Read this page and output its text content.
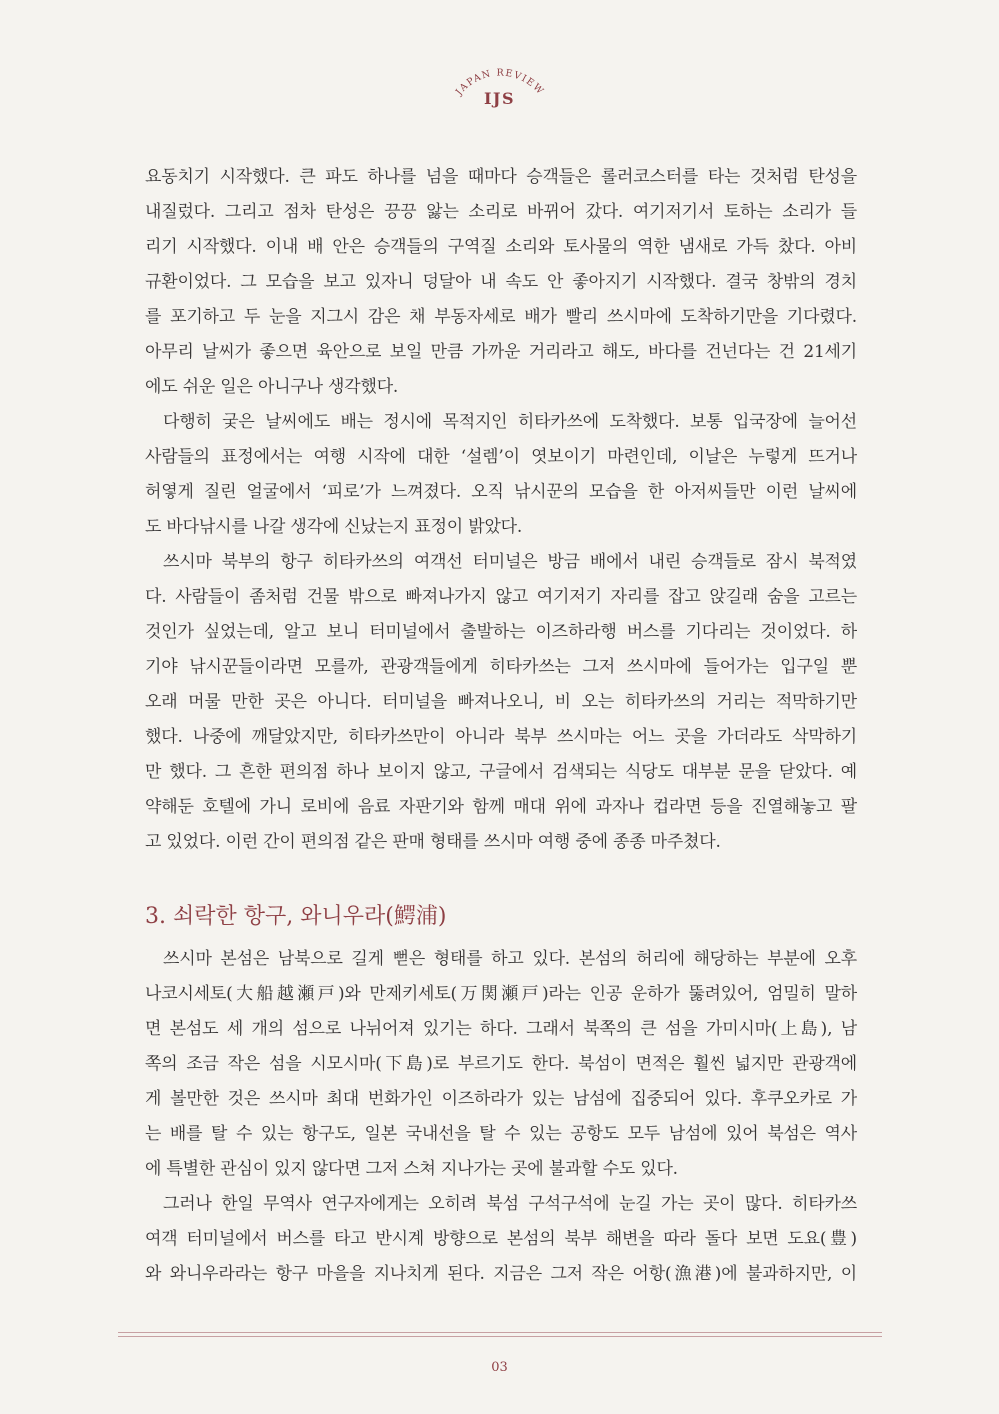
JAPAN REVIEW
IJS
요동치기 시작했다. 큰 파도 하나를 넘을 때마다 승객들은 롤러코스터를 타는 것처럼 탄성을
내질렀다. 그리고 점차 탄성은 끙끙 앓는 소리로 바뀌어 갔다. 여기저기서 토하는 소리가 들
리기 시작했다. 이내 배 안은 승객들의 구역질 소리와 토사물의 역한 냄새로 가득 찼다. 아비
규환이었다. 그 모습을 보고 있자니 덩달아 내 속도 안 좋아지기 시작했다. 결국 창밖의 경치
를 포기하고 두 눈을 지그시 감은 채 부동자세로 배가 빨리 쓰시마에 도착하기만을 기다렸다.
아무리 날씨가 좋으면 육안으로 보일 만큼 가까운 거리라고 해도, 바다를 건넌다는 건 21세기
에도 쉬운 일은 아니구나 생각했다.
다행히 궂은 날씨에도 배는 정시에 목적지인 히타카쓰에 도착했다. 보통 입국장에 늘어선
사람들의 표정에서는 여행 시작에 대한 ‘설렘’이 엿보이기 마련인데, 이날은 누렇게 뜨거나
허옇게 질린 얼굴에서 ‘피로’가 느껴졌다. 오직 낚시꾼의 모습을 한 아저씨들만 이런 날씨에
도 바다낚시를 나갈 생각에 신났는지 표정이 밝았다.
쓰시마 북부의 항구 히타카쓰의 여객선 터미널은 방금 배에서 내린 승객들로 잠시 북적였
다. 사람들이 좀처럼 건물 밖으로 빠져나가지 않고 여기저기 자리를 잡고 앉길래 숨을 고르는
것인가 싶었는데, 알고 보니 터미널에서 출발하는 이즈하라행 버스를 기다리는 것이었다. 하
기야 낚시꾼들이라면 모를까, 관광객들에게 히타카쓰는 그저 쓰시마에 들어가는 입구일 뿐
오래 머물 만한 곳은 아니다. 터미널을 빠져나오니, 비 오는 히타카쓰의 거리는 적막하기만
했다. 나중에 깨달았지만, 히타카쓰만이 아니라 북부 쓰시마는 어느 곳을 가더라도 삭막하기
만 했다. 그 흔한 편의점 하나 보이지 않고, 구글에서 검색되는 식당도 대부분 문을 닫았다. 예
약해둔 호텔에 가니 로비에 음료 자판기와 함께 매대 위에 과자나 컵라면 등을 진열해놓고 팔
고 있었다. 이런 간이 편의점 같은 판매 형태를 쓰시마 여행 중에 종종 마주쳤다.
3. 쇠락한 항구, 와니우라(鰐浦)
쓰시마 본섬은 남북으로 길게 뻗은 형태를 하고 있다. 본섬의 허리에 해당하는 부분에 오후
나코시세토(大船越瀬戸)와 만제키세토(万関瀬戸)라는 인공 운하가 뚫려있어, 엄밀히 말하
면 본섬도 세 개의 섬으로 나뉘어져 있기는 하다. 그래서 북쪽의 큰 섬을 가미시마(上島), 남
쪽의 조금 작은 섬을 시모시마(下島)로 부르기도 한다. 북섬이 면적은 훨씬 넓지만 관광객에
게 볼만한 것은 쓰시마 최대 번화가인 이즈하라가 있는 남섬에 집중되어 있다. 후쿠오카로 가
는 배를 탈 수 있는 항구도, 일본 국내선을 탈 수 있는 공항도 모두 남섬에 있어 북섬은 역사
에 특별한 관심이 있지 않다면 그저 스쳐 지나가는 곳에 불과할 수도 있다.
그러나 한일 무역사 연구자에게는 오히려 북섬 구석구석에 눈길 가는 곳이 많다. 히타카쓰
여객 터미널에서 버스를 타고 반시계 방향으로 본섬의 북부 해변을 따라 돌다 보면 도요(豊)
와 와니우라라는 항구 마을을 지나치게 된다. 지금은 그저 작은 어항(漁港)에 불과하지만, 이
03
